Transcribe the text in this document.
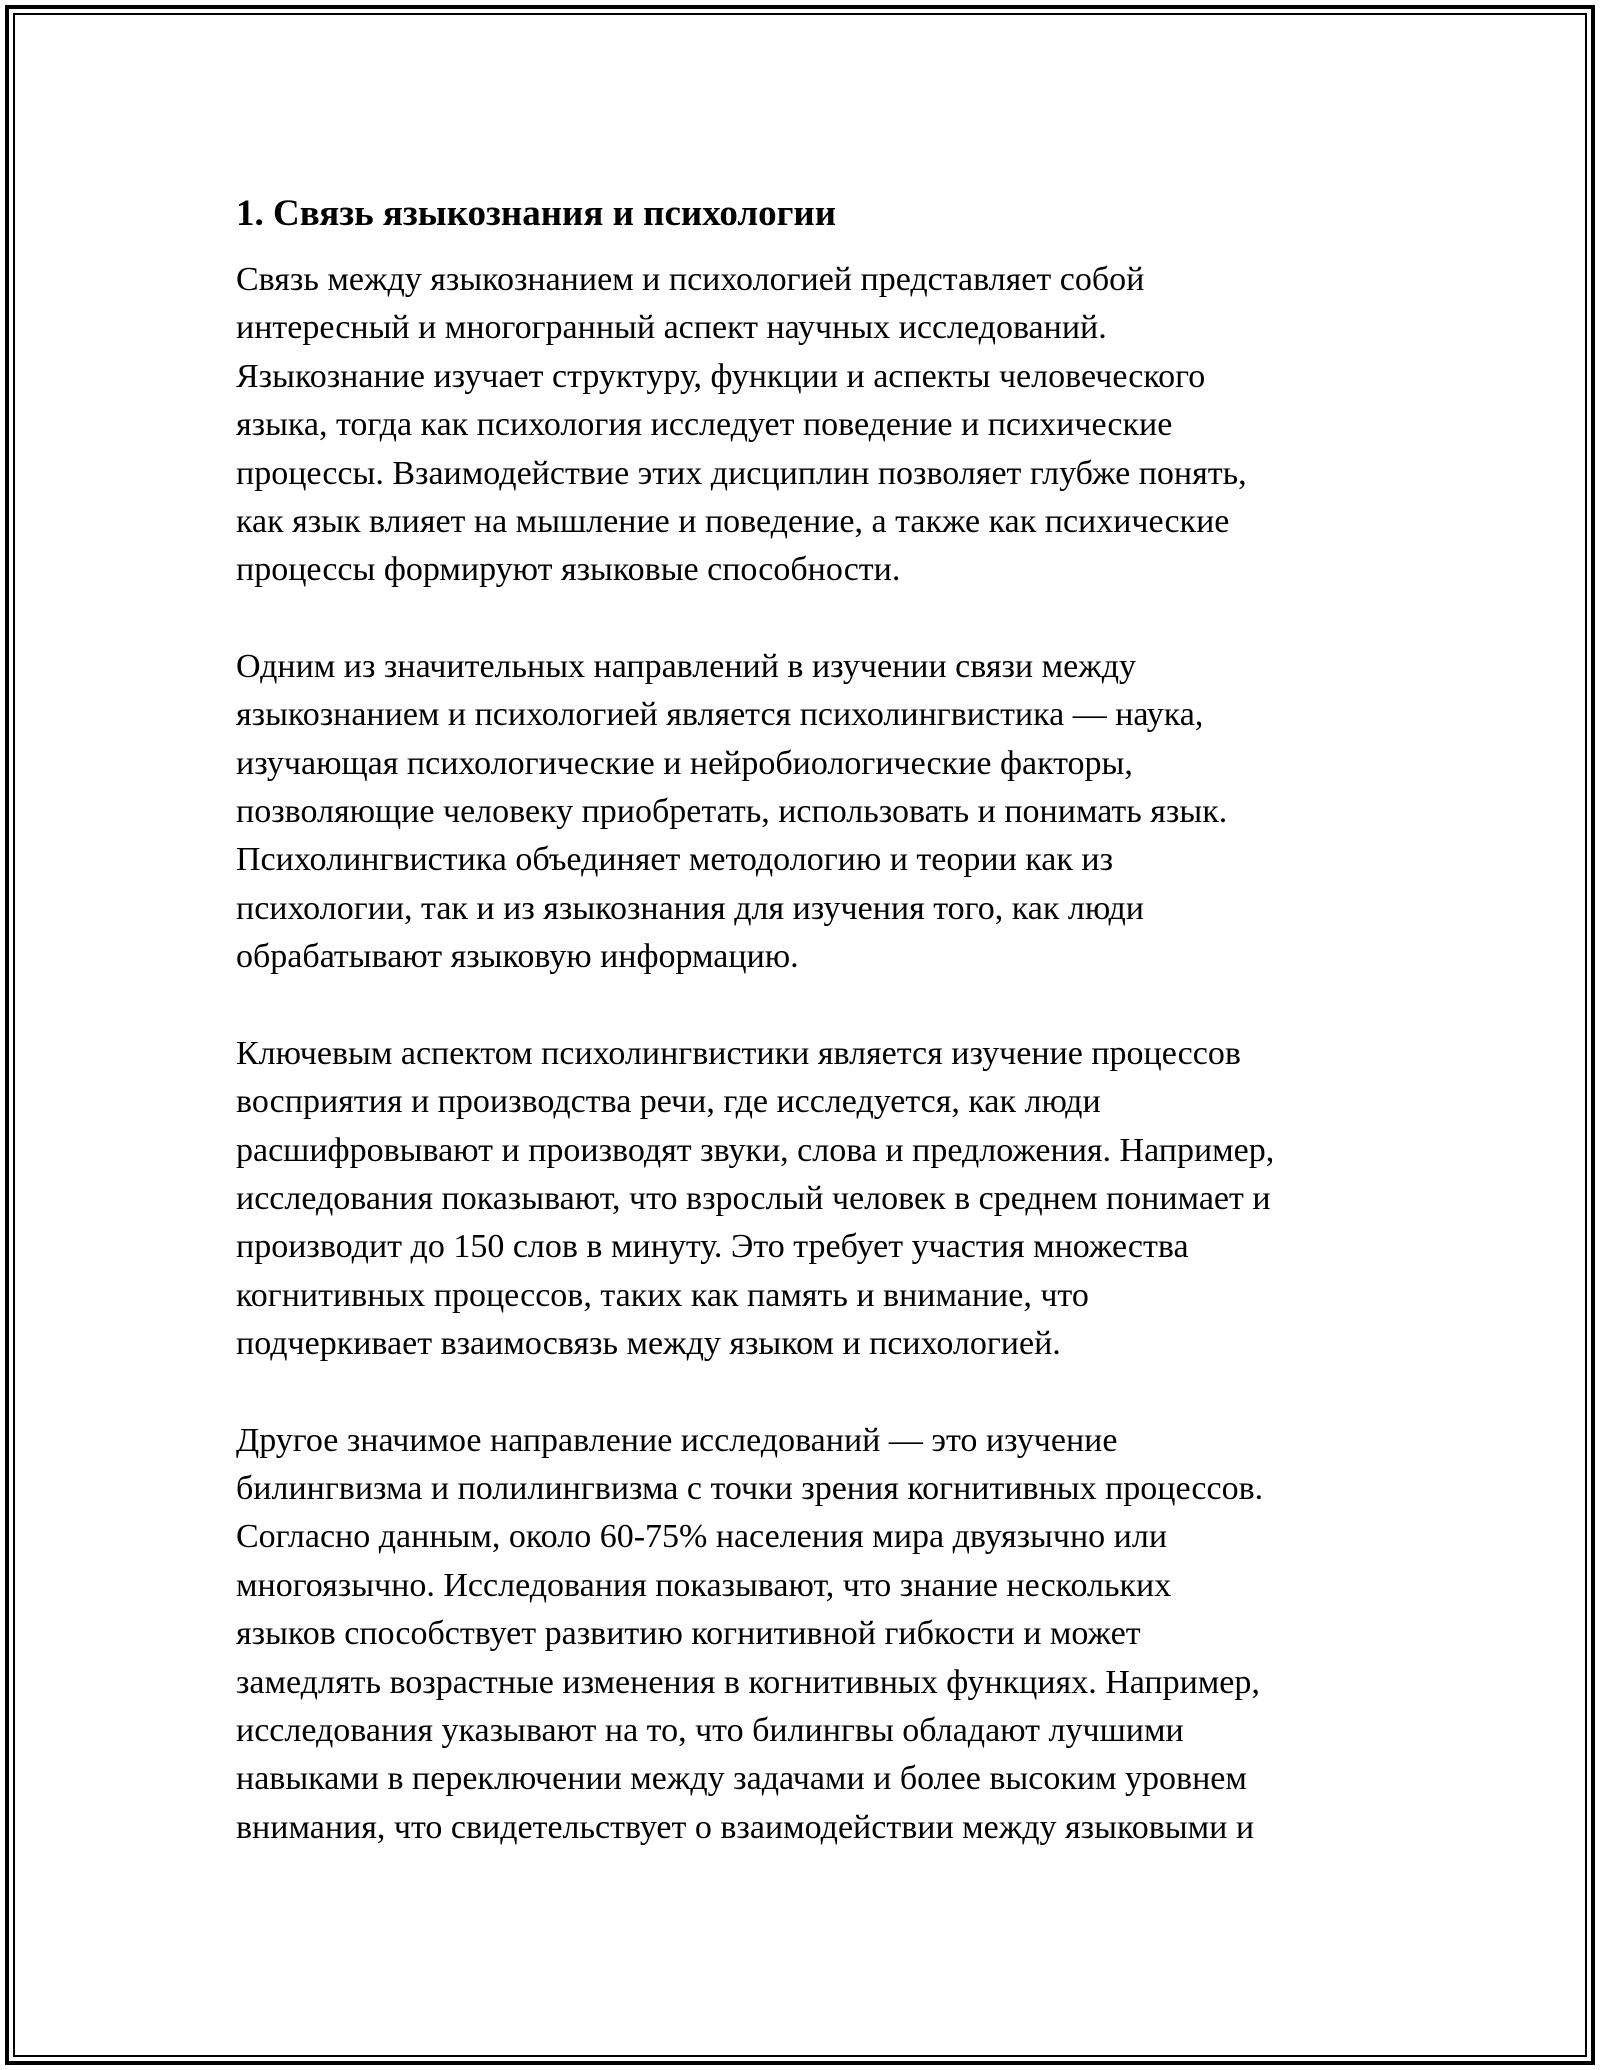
1. Связь языкознания и психологии

Связь между языкознанием и психологией представляет собой
интересный и многогранный аспект научных исследований.
Языкознание изучает структуру, функции и аспекты человеческого
языка, тогда как психология исследует поведение и психические
процессы. Взаимодействие этих дисциплин позволяет глубже понять,
как язык влияет на мышление и поведение, а также как психические
процессы формируют языковые способности.

Одним из значительных направлений в изучении связи между
языкознанием и психологией является психолингвистика — наука,
изучающая психологические и нейробиологические факторы,
позволяющие человеку приобретать, использовать и понимать язык.
Психолингвистика объединяет методологию и теории как из
психологии, так и из языкознания для изучения того, как люди
обрабатывают языковую информацию.

Ключевым аспектом психолингвистики является изучение процессов
восприятия и производства речи, где исследуется, как люди
расшифровывают и производят звуки, слова и предложения. Например,
исследования показывают, что взрослый человек в среднем понимает и
производит до 150 слов в минуту. Это требует участия множества
когнитивных процессов, таких как память и внимание, что
подчеркивает взаимосвязь между языком и психологией.

Другое значимое направление исследований — это изучение
билингвизма и полилингвизма с точки зрения когнитивных процессов.
Согласно данным, около 60-75% населения мира двуязычно или
многоязычно. Исследования показывают, что знание нескольких
языков способствует развитию когнитивной гибкости и может
замедлять возрастные изменения в когнитивных функциях. Например,
исследования указывают на то, что билингвы обладают лучшими
навыками в переключении между задачами и более высоким уровнем
внимания, что свидетельствует о взаимодействии между языковыми и
